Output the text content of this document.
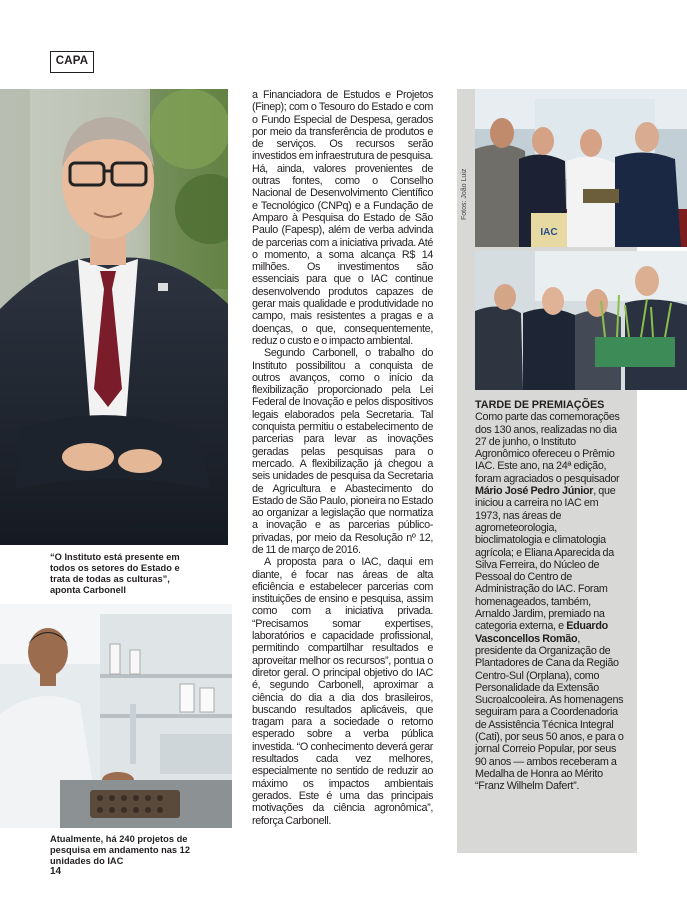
CAPA
“O Instituto está presente em todos os setores do Estado e trata de todas as culturas”, aponta Carbonell
Atualmente, há 240 projetos de pesquisa em andamento nas 12 unidades do IAC

a Financiadora de Estudos e Projetos (Finep); com o Tesouro do Estado e com o Fundo Especial de Despesa, gerados por meio da transferência de produtos e de serviços. Os recursos serão investidos em infraestrutura de pesquisa. Há, ainda, valores provenientes de outras fontes, como o Conselho Nacional de Desenvolvimento Científico e Tecnológico (CNPq) e a Fundação de Amparo à Pesquisa do Estado de São Paulo (Fapesp), além de verba advinda de parcerias com a iniciativa privada. Até o momento, a soma alcança R$ 14 milhões. Os investimentos são essenciais para que o IAC continue desenvolvendo produtos capazes de gerar mais qualidade e produtividade no campo, mais resistentes a pragas e a doenças, o que, consequentemente, reduz o custo e o impacto ambiental.

Segundo Carbonell, o trabalho do Instituto possibilitou a conquista de outros avanços, como o início da flexibilização proporcionado pela Lei Federal de Inovação e pelos dispositivos legais elaborados pela Secretaria. Tal conquista permitiu o estabelecimento de parcerias para levar as inovações geradas pelas pesquisas para o mercado. A flexibilização já chegou a seis unidades de pesquisa da Secretaria de Agricultura e Abastecimento do Estado de São Paulo, pioneira no Estado ao organizar a legislação que normatiza a inovação e as parcerias público-privadas, por meio da Resolução nº 12, de 11 de março de 2016.

A proposta para o IAC, daqui em diante, é focar nas áreas de alta eficiência e estabelecer parcerias com instituições de ensino e pesquisa, assim como com a iniciativa privada. “Precisamos somar expertises, laboratórios e capacidade profissional, permitindo compartilhar resultados e aproveitar melhor os recursos”, pontua o diretor geral. O principal objetivo do IAC é, segundo Carbonell, aproximar a ciência do dia a dia dos brasileiros, buscando resultados aplicáveis, que tragam para a sociedade o retorno esperado sobre a verba pública investida. “O conhecimento deverá gerar resultados cada vez melhores, especialmente no sentido de reduzir ao máximo os impactos ambientais gerados. Este é uma das principais motivações da ciência agronômica”, reforça Carbonell.

IAC
Fotos: João Luiz
TARDE DE PREMIAÇÕES
Como parte das comemorações dos 130 anos, realizadas no dia 27 de junho, o Instituto Agronômico ofereceu o Prêmio IAC. Este ano, na 24ª edição, foram agraciados o pesquisador Mário José Pedro Júnior, que iniciou a carreira no IAC em 1973, nas áreas de agrometeorologia, bioclimatologia e climatologia agrícola; e Eliana Aparecida da Silva Ferreira, do Núcleo de Pessoal do Centro de Administração do IAC. Foram homenageados, também, Arnaldo Jardim, premiado na categoria externa, e Eduardo Vasconcellos Romão, presidente da Organização de Plantadores de Cana da Região Centro-Sul (Orplana), como Personalidade da Extensão Sucroalcooleira. As homenagens seguiram para a Coordenadoria de Assistência Técnica Integral (Cati), por seus 50 anos, e para o jornal Correio Popular, por seus 90 anos — ambos receberam a Medalha de Honra ao Mérito “Franz Wilhelm Dafert”.
14
